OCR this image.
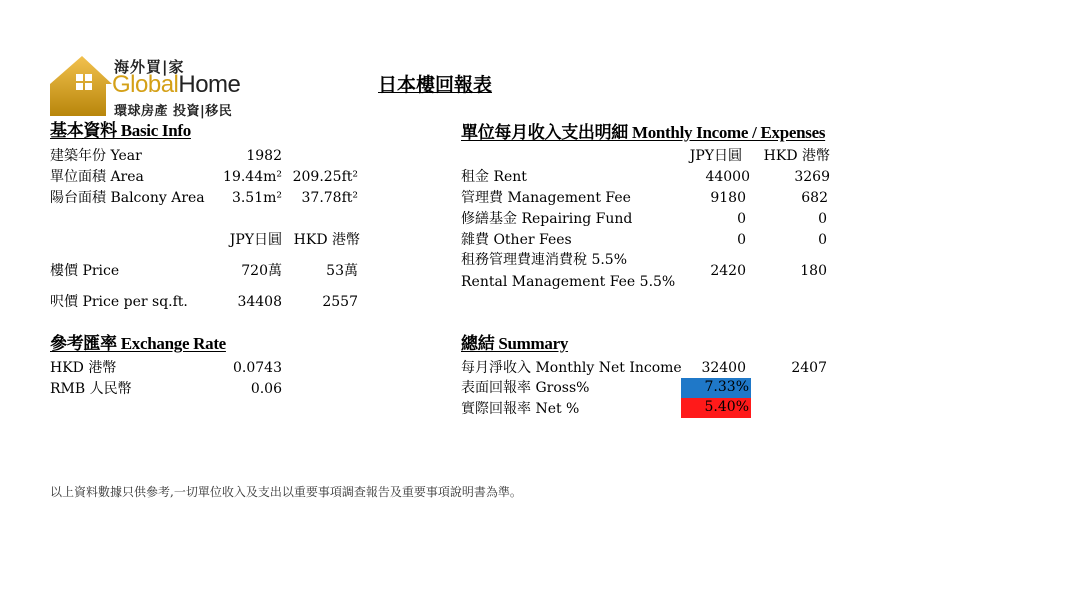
海外買|家
GlobalHome
環球房產 投資|移民
日本樓回報表
基本資料 Basic Info
建築年份 Year	1982
單位面積 Area	19.44m² 209.25ft²
陽台面積 Balcony Area	3.51m²	37.78ft²
JPY日圓 HKD 港幣
樓價 Price	720萬	53萬
呎價 Price per sq.ft.	34408	2557
參考匯率 Exchange Rate
HKD 港幣	0.0743
RMB 人民幣	0.06
單位每月收入支出明細 Monthly Income / Expenses
JPY日圓	HKD 港幣
租金 Rent	44000	3269
管理費 Management Fee	9180	682
修繕基金 Repairing Fund	0	0
雜費 Other Fees	0	0
租務管理費連消費稅 5.5%
Rental Management Fee 5.5%
2420	180
總結 Summary
每月淨收入 Monthly Net Income	32400	2407
表面回報率 Gross%	7.33%
實際回報率 Net %	5.40%
以上資料數據只供參考,一切單位收入及支出以重要事項調查報告及重要事項說明書為準。
